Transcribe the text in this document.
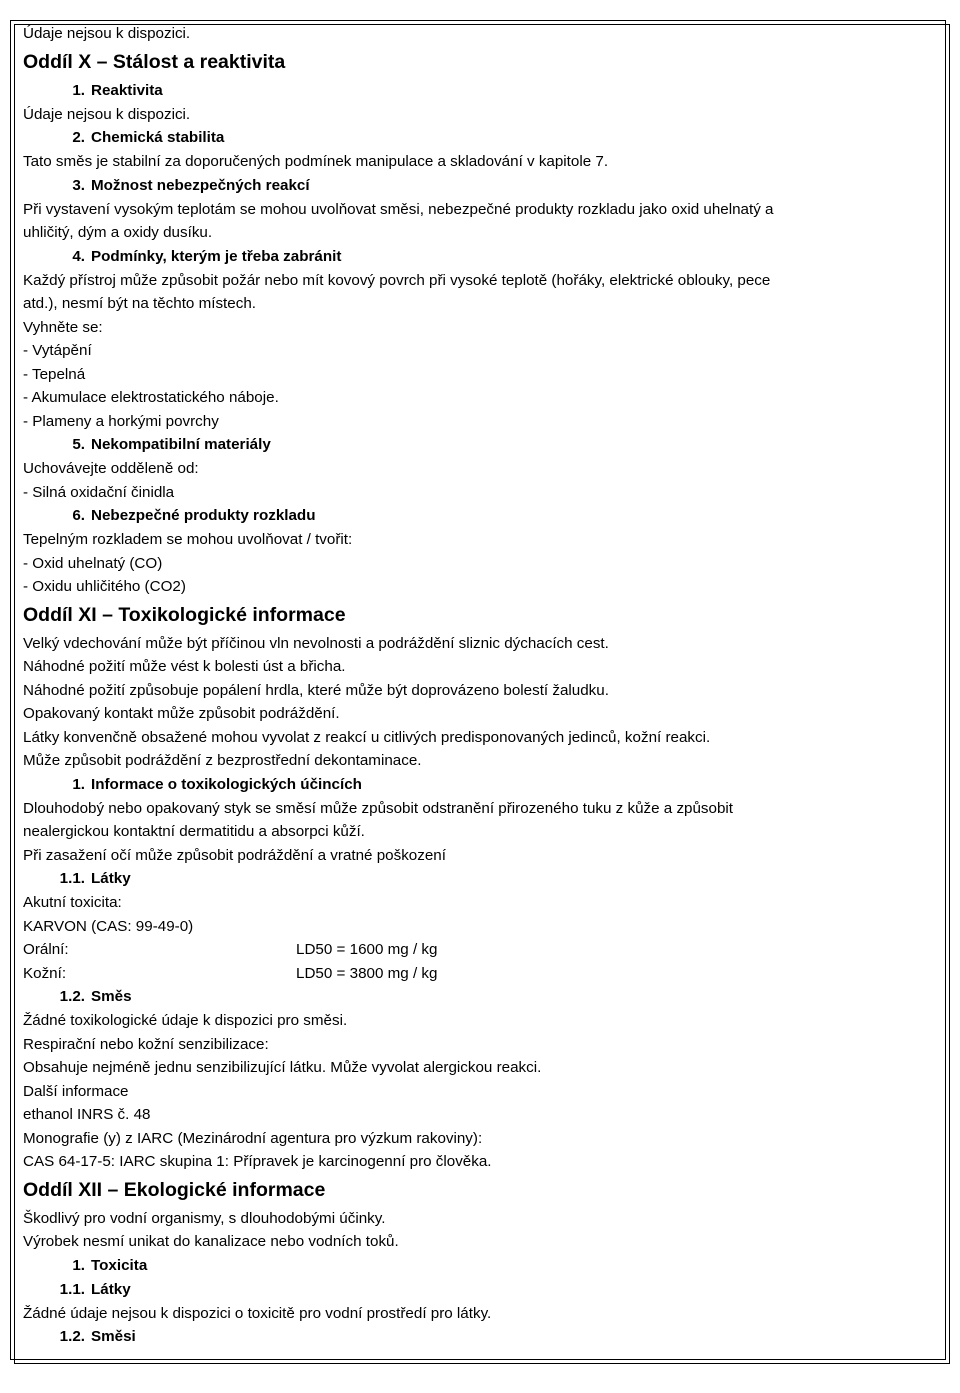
Údaje nejsou k dispozici.
Oddíl X – Stálost a reaktivita
1. Reaktivita
Údaje nejsou k dispozici.
2. Chemická stabilita
Tato směs je stabilní za doporučených podmínek manipulace a skladování v kapitole 7.
3. Možnost nebezpečných reakcí
Při vystavení vysokým teplotám se mohou uvolňovat směsi, nebezpečné produkty rozkladu jako oxid uhelnatý a
uhličitý, dým a oxidy dusíku.
4. Podmínky, kterým je třeba zabránit
Každý přístroj může způsobit požár nebo mít kovový povrch při vysoké teplotě (hořáky, elektrické oblouky, pece
atd.), nesmí být na těchto místech.
Vyhněte se:
- Vytápění
- Tepelná
- Akumulace elektrostatického náboje.
- Plameny a horkými povrchy
5. Nekompatibilní materiály
Uchovávejte odděleně od:
- Silná oxidační činidla
6. Nebezpečné produkty rozkladu
Tepelným rozkladem se mohou uvolňovat / tvořit:
- Oxid uhelnatý (CO)
- Oxidu uhličitého (CO2)
Oddíl XI – Toxikologické informace
Velký vdechování může být příčinou vln nevolnosti a podráždění sliznic dýchacích cest.
Náhodné požití může vést k bolesti úst a břicha.
Náhodné požití způsobuje popálení hrdla, které může být doprovázeno bolestí žaludku.
Opakovaný kontakt může způsobit podráždění.
Látky konvenčně obsažené mohou vyvolat z reakcí u citlivých predisponovaných jedinců, kožní reakci.
Může způsobit podráždění z bezprostřední dekontaminace.
1. Informace o toxikologických účincích
Dlouhodobý nebo opakovaný styk se směsí může způsobit odstranění přirozeného tuku z kůže a způsobit
nealergickou kontaktní dermatitidu a absorpci kůží.
Při zasažení očí může způsobit podráždění a vratné poškození
1.1. Látky
Akutní toxicita:
KARVON (CAS: 99-49-0)
Orální:	LD50 = 1600 mg / kg
Kožní:	LD50 = 3800 mg / kg
1.2. Směs
Žádné toxikologické údaje k dispozici pro směsi.
Respirační nebo kožní senzibilizace:
Obsahuje nejméně jednu senzibilizující látku. Může vyvolat alergickou reakci.
Další informace
ethanol INRS č. 48
Monografie (y) z IARC (Mezinárodní agentura pro výzkum rakoviny):
CAS 64-17-5: IARC skupina 1: Přípravek je karcinogenní pro člověka.
Oddíl XII – Ekologické informace
Škodlivý pro vodní organismy, s dlouhodobými účinky.
Výrobek nesmí unikat do kanalizace nebo vodních toků.
1. Toxicita
1.1. Látky
Žádné údaje nejsou k dispozici o toxicitě pro vodní prostředí pro látky.
1.2. Směsi
